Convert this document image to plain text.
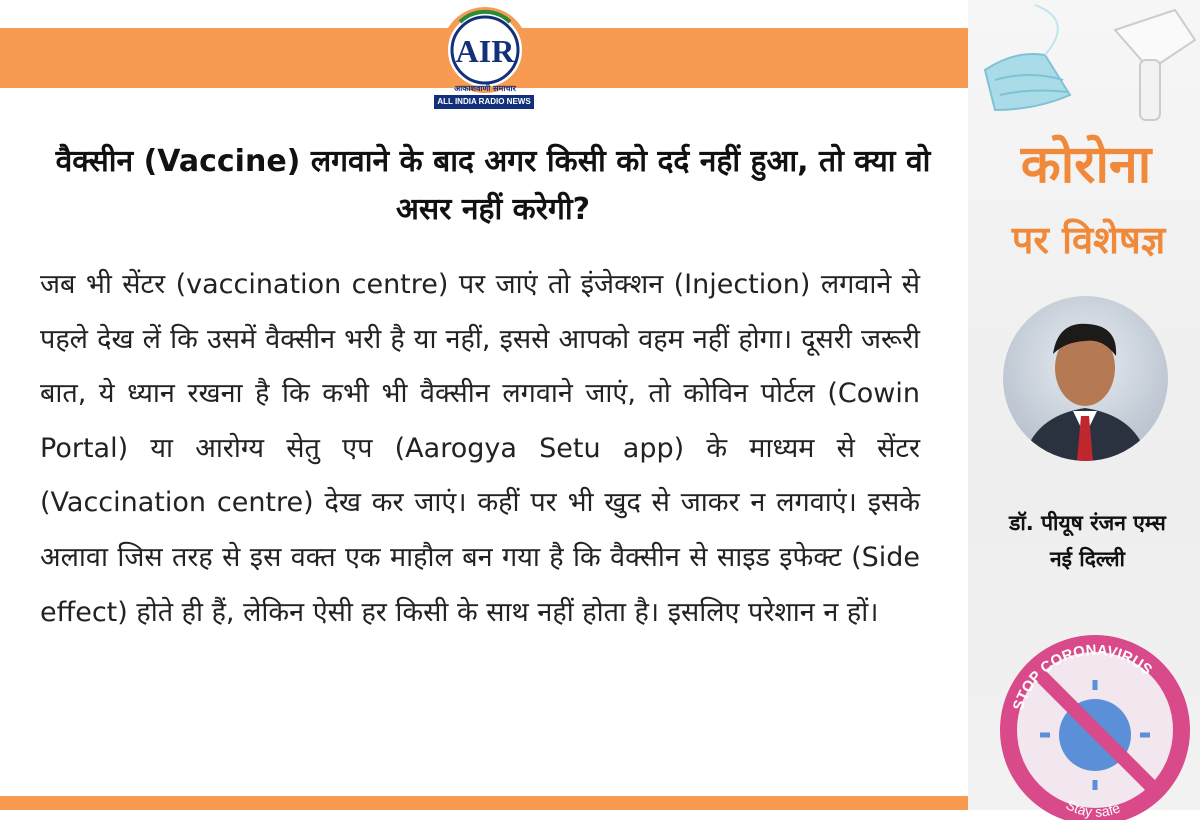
AIR
आकाशवाणी समाचार
ALL INDIA RADIO NEWS
वैक्सीन (Vaccine) लगवाने के बाद अगर किसी को दर्द नहीं हुआ, तो क्या वो असर नहीं करेगी?
जब भी सेंटर (vaccination centre) पर जाएं तो इंजेक्शन (Injection) लगवाने से पहले देख लें कि उसमें वैक्सीन भरी है या नहीं, इससे आपको वहम नहीं होगा। दूसरी जरूरी बात, ये ध्यान रखना है कि कभी भी वैक्सीन लगवाने जाएं, तो कोविन पोर्टल (Cowin Portal) या आरोग्य सेतु एप (Aarogya Setu app) के माध्यम से सेंटर (Vaccination centre) देख कर जाएं। कहीं पर भी खुद से जाकर न लगवाएं। इसके अलावा जिस तरह से इस वक्त एक माहौल बन गया है कि वैक्सीन से साइड इफेक्ट (Side effect) होते ही हैं, लेकिन ऐसी हर किसी के साथ नहीं होता है। इसलिए परेशान न हों।
कोरोना
पर विशेषज्ञ
डॉ. पीयूष रंजन एम्स
नई दिल्ली
STOP CORONAVIRUS
Stay safe
